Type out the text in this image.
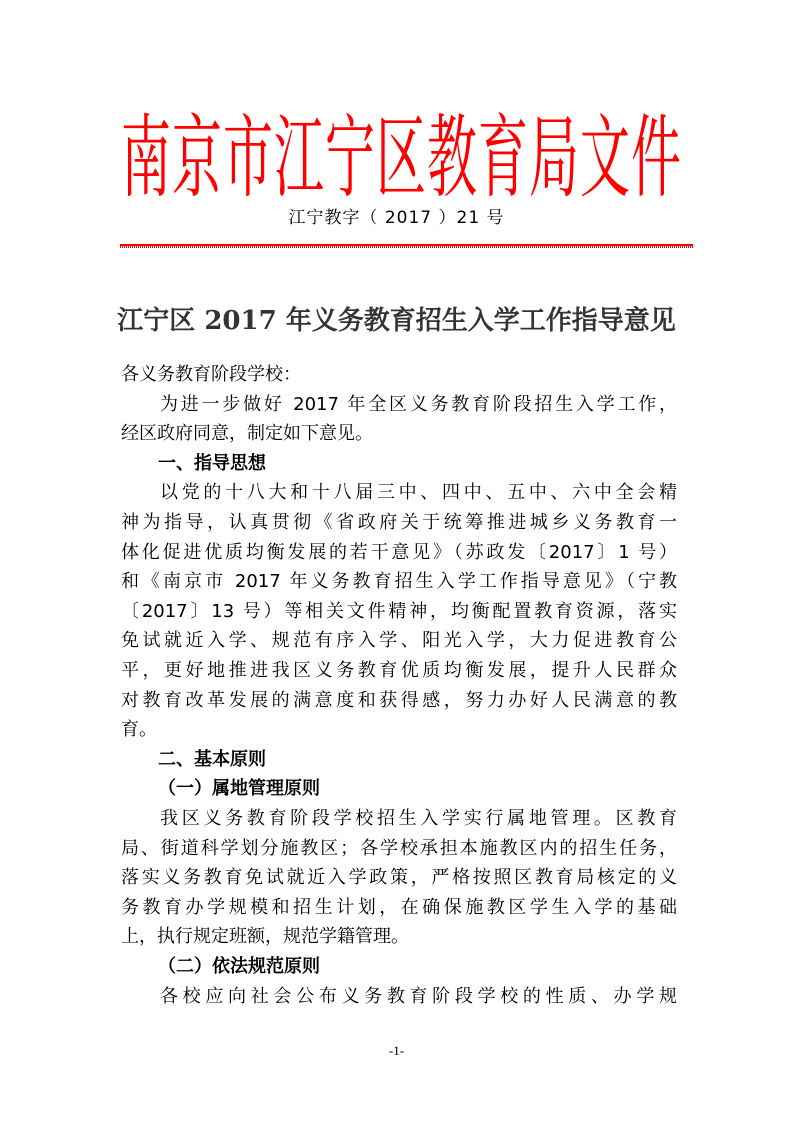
南 京 市 江 宁 区 教 育 局 文 件
江宁教字（ 2017 ）21 号
江宁区 2017 年义务教育招生入学工作指导意见
各义务教育阶段学校：
为进一步做好 2017 年全区义务教育阶段招生入学工作，
经区政府同意，制定如下意见。
一、指导思想
以党的十八大和十八届三中、四中、五中、六中全会精
神为指导，认真贯彻《省政府关于统筹推进城乡义务教育一
体化促进优质均衡发展的若干意见》（苏政发〔2017〕1 号）
和《南京市 2017 年义务教育招生入学工作指导意见》（宁教
〔2017〕13 号）等相关文件精神，均衡配置教育资源，落实
免试就近入学、规范有序入学、阳光入学，大力促进教育公
平，更好地推进我区义务教育优质均衡发展，提升人民群众
对教育改革发展的满意度和获得感，努力办好人民满意的教
育。
二、基本原则
（一）属地管理原则
我区义务教育阶段学校招生入学实行属地管理。区教育
局、街道科学划分施教区；各学校承担本施教区内的招生任务，
落实义务教育免试就近入学政策，严格按照区教育局核定的义
务教育办学规模和招生计划，在确保施教区学生入学的基础
上，执行规定班额，规范学籍管理。
（二）依法规范原则
各校应向社会公布义务教育阶段学校的性质、办学规
-1-
